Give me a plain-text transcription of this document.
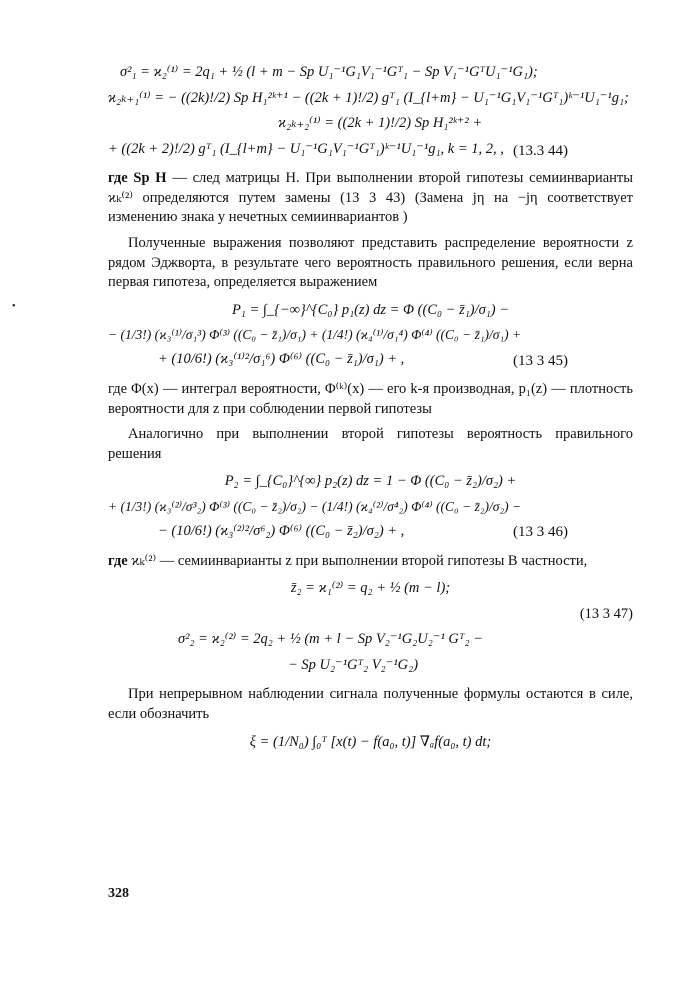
•
σ²₁ = ϰ₂⁽¹⁾ = 2q₁ + ½ (l + m − Sp U₁⁻¹G₁V₁⁻¹Gᵀ₁ − Sp V₁⁻¹GᵀU₁⁻¹G₁);
ϰ₂ₖ₊₁⁽¹⁾ = − ((2k)!/2) Sp H₁²ᵏ⁺¹ − ((2k + 1)!/2) gᵀ₁ (I_{l+m} − U₁⁻¹G₁V₁⁻¹Gᵀ₁)ᵏ⁻¹U₁⁻¹g₁;
ϰ₂ₖ₊₂⁽¹⁾ = ((2k + 1)!/2) Sp H₁²ᵏ⁺² +
+ ((2k + 2)!/2) gᵀ₁ (I_{l+m} − U₁⁻¹G₁V₁⁻¹Gᵀ₁)ᵏ⁻¹U₁⁻¹g₁, k = 1, 2, , (13.3 44)

где Sp H — след матрицы H. При выполнении второй гипотезы семиинварианты ϰₖ⁽²⁾ определяются путем замены (13 3 43) (Замена jη на −jη соответствует изменению знака у нечетных семиинвариантов )

Полученные выражения позволяют представить распределение вероятности z рядом Эджворта, в результате чего вероятность правильного решения, если верна первая гипотеза, определяется выражением

P₁ = ∫_{−∞}^{C₀} p₁(z) dz = Φ ((C₀ − z̄₁)/σ₁) −
− (1/3!) (ϰ₃⁽¹⁾/σ₁³) Φ⁽³⁾ ((C₀ − z̄₁)/σ₁) + (1/4!) (ϰ₄⁽¹⁾/σ₁⁴) Φ⁽⁴⁾ ((C₀ − z̄₁)/σ₁) +
+ (10/6!) (ϰ₃⁽¹⁾²/σ₁⁶) Φ⁽⁶⁾ ((C₀ − z̄₁)/σ₁) + ,	(13 3 45)

где Φ(x) — интеграл вероятности, Φ⁽ᵏ⁾(x) — его k-я производная, p₁(z) — плотность вероятности для z при соблюдении первой гипотезы

Аналогично при выполнении второй гипотезы вероятность правильного решения

P₂ = ∫_{C₀}^{∞} p₂(z) dz = 1 − Φ ((C₀ − z̄₂)/σ₂) +
+ (1/3!) (ϰ₃⁽²⁾/σ³₂) Φ⁽³⁾ ((C₀ − z̄₂)/σ₂) − (1/4!) (ϰ₄⁽²⁾/σ⁴₂) Φ⁽⁴⁾ ((C₀ − z̄₂)/σ₂) −
− (10/6!) (ϰ₃⁽²⁾²/σ⁶₂) Φ⁽⁶⁾ ((C₀ − z̄₂)/σ₂) + ,	(13 3 46)

где ϰₖ⁽²⁾ — семиинварианты z при выполнении второй гипотезы В частности,

z̄₂ = ϰ₁⁽²⁾ = q₂ + ½ (m − l);
(13 3 47)
σ²₂ = ϰ₂⁽²⁾ = 2q₂ + ½ (m + l − Sp V₂⁻¹G₂U₂⁻¹ Gᵀ₂ −
− Sp U₂⁻¹Gᵀ₂ V₂⁻¹G₂)

При непрерывном наблюдении сигнала полученные формулы остаются в силе, если обозначить

ξ = (1/N₀) ∫₀ᵀ [x(t) − f(a₀, t)] ∇ₐf(a₀, t) dt;
328
